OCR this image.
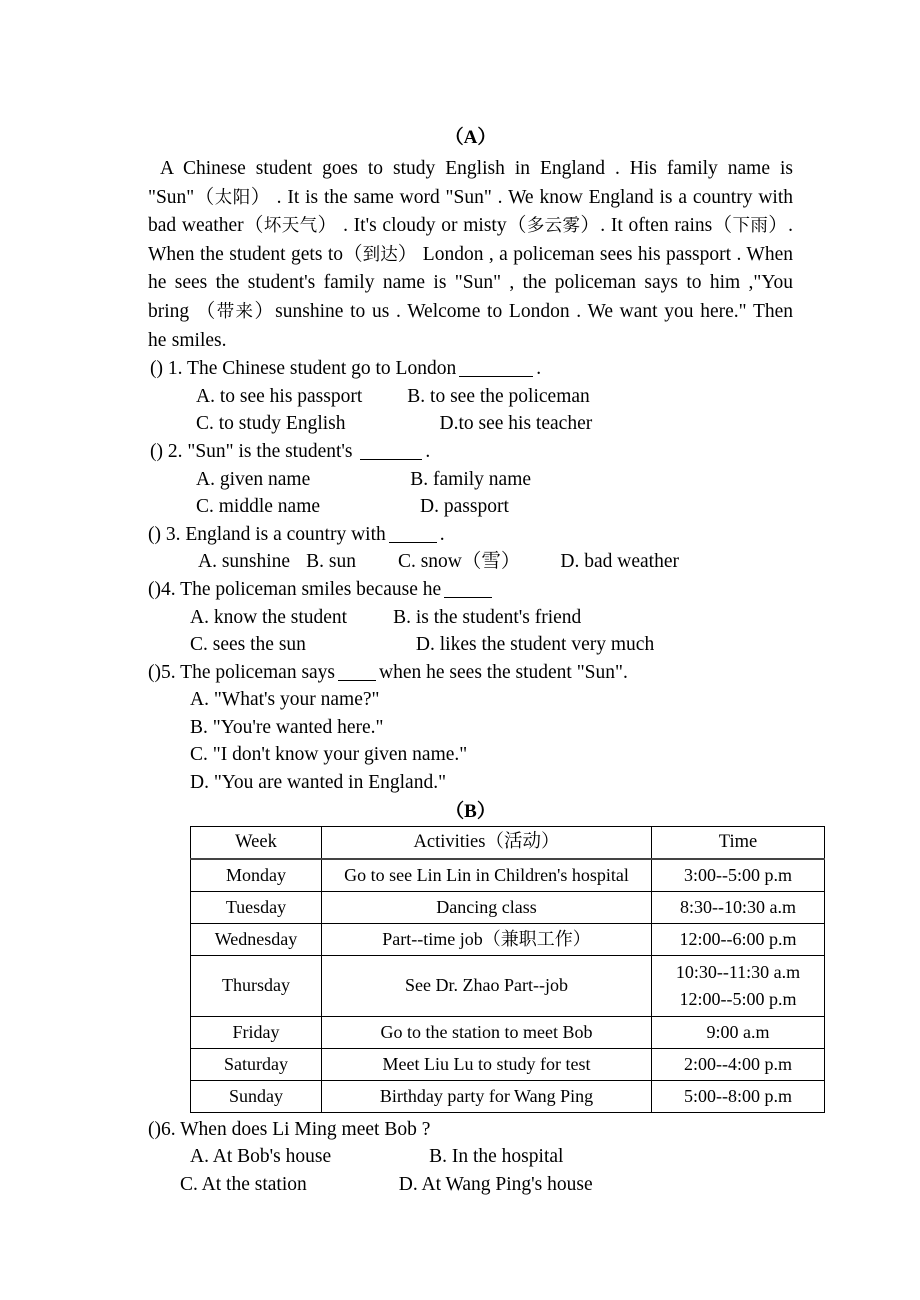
（A）

A Chinese student goes to study English in England . His family name is "Sun"（太阳） . It is the same word "Sun" . We know England is a country with bad weather（坏天气） . It's cloudy or misty（多云雾）. It often rains（下雨）. When the student gets to（到达） London , a policeman sees his passport . When he sees the student's family name is "Sun" , the policeman says to him ,"You bring （带来）sunshine to us . Welcome to London . We want you here." Then he smiles.

() 1. The Chinese student go to London	.

A. to see his passport B. to see the policeman

C. to study English	D.to see his teacher

() 2. "Sun" is the student's	.

A. given name	B. family name

C. middle name	D. passport

() 3. England is a country with	.

A. sunshine B. sun C. snow（雪） D. bad weather

()4. The policeman smiles because he

A. know the student B. is the student's friend

C. sees the sun	D. likes the student very much

()5. The policeman says when he sees the student "Sun".

A. "What's your name?"

B. "You're wanted here."

C. "I don't know your given name."

D. "You are wanted in England."

（B）
Week	Activities（活动）	Time
Monday	Go to see Lin Lin in Children's hospital	3:00--5:00 p.m
Tuesday	Dancing class	8:30--10:30 a.m
Wednesday	Part--time job（兼职工作）	12:00--6:00 p.m
Thursday	See Dr. Zhao Part--job	10:30--11:30 a.m
12:00--5:00 p.m

Friday	Go to the station to meet Bob	9:00 a.m
Saturday	Meet Liu Lu to study for test	2:00--4:00 p.m
Sunday	Birthday party for Wang Ping	5:00--8:00 p.m

()6. When does Li Ming meet Bob ?

A. At Bob's house	B. In the hospital

C. At the station	D. At Wang Ping's house
